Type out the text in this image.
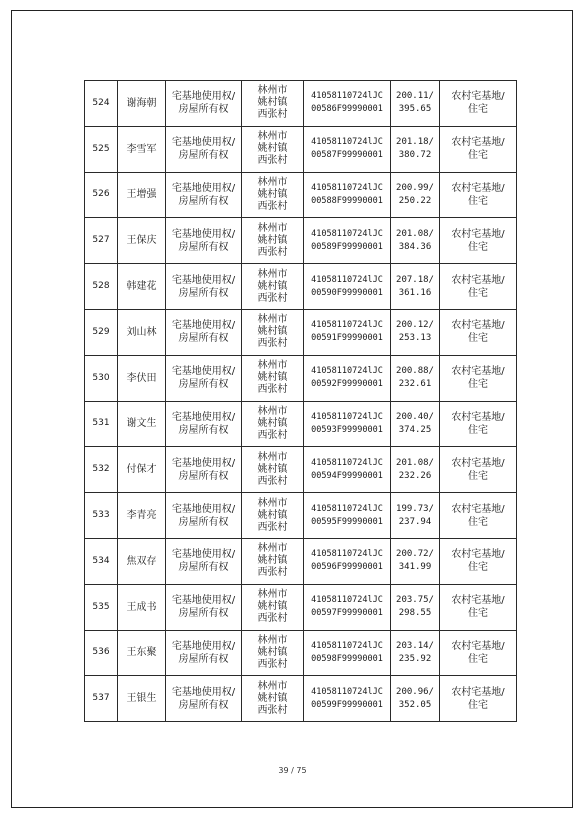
524	谢海朝	宅基地使用权/
房屋所有权	林州市
姚村镇
西张村	41058110724lJC
00586F99990001	200.11/
395.65	农村宅基地/
住宅

525	李雪军	宅基地使用权/
房屋所有权	林州市
姚村镇
西张村	41058110724lJC
00587F99990001	201.18/
380.72	农村宅基地/
住宅

526	王增强	宅基地使用权/
房屋所有权	林州市
姚村镇
西张村	41058110724lJC
00588F99990001	200.99/
250.22	农村宅基地/
住宅

527	王保庆	宅基地使用权/
房屋所有权	林州市
姚村镇
西张村	41058110724lJC
00589F99990001	201.08/
384.36	农村宅基地/
住宅

528	韩建花	宅基地使用权/
房屋所有权	林州市
姚村镇
西张村	41058110724lJC
00590F99990001	207.18/
361.16	农村宅基地/
住宅

529	刘山林	宅基地使用权/
房屋所有权	林州市
姚村镇
西张村	41058110724lJC
00591F99990001	200.12/
253.13	农村宅基地/
住宅

530	李伏田	宅基地使用权/
房屋所有权	林州市
姚村镇
西张村	41058110724lJC
00592F99990001	200.88/
232.61	农村宅基地/
住宅

531	谢文生	宅基地使用权/
房屋所有权	林州市
姚村镇
西张村	41058110724lJC
00593F99990001	200.40/
374.25	农村宅基地/
住宅

532	付保才	宅基地使用权/
房屋所有权	林州市
姚村镇
西张村	41058110724lJC
00594F99990001	201.08/
232.26	农村宅基地/
住宅

533	李青亮	宅基地使用权/
房屋所有权	林州市
姚村镇
西张村	41058110724lJC
00595F99990001	199.73/
237.94	农村宅基地/
住宅

534	焦双存	宅基地使用权/
房屋所有权	林州市
姚村镇
西张村	41058110724lJC
00596F99990001	200.72/
341.99	农村宅基地/
住宅

535	王成书	宅基地使用权/
房屋所有权	林州市
姚村镇
西张村	41058110724lJC
00597F99990001	203.75/
298.55	农村宅基地/
住宅

536	王东聚	宅基地使用权/
房屋所有权	林州市
姚村镇
西张村	41058110724lJC
00598F99990001	203.14/
235.92	农村宅基地/
住宅

537	王银生	宅基地使用权/
房屋所有权	林州市
姚村镇
西张村	41058110724lJC
00599F99990001	200.96/
352.05	农村宅基地/
住宅
39 / 75
